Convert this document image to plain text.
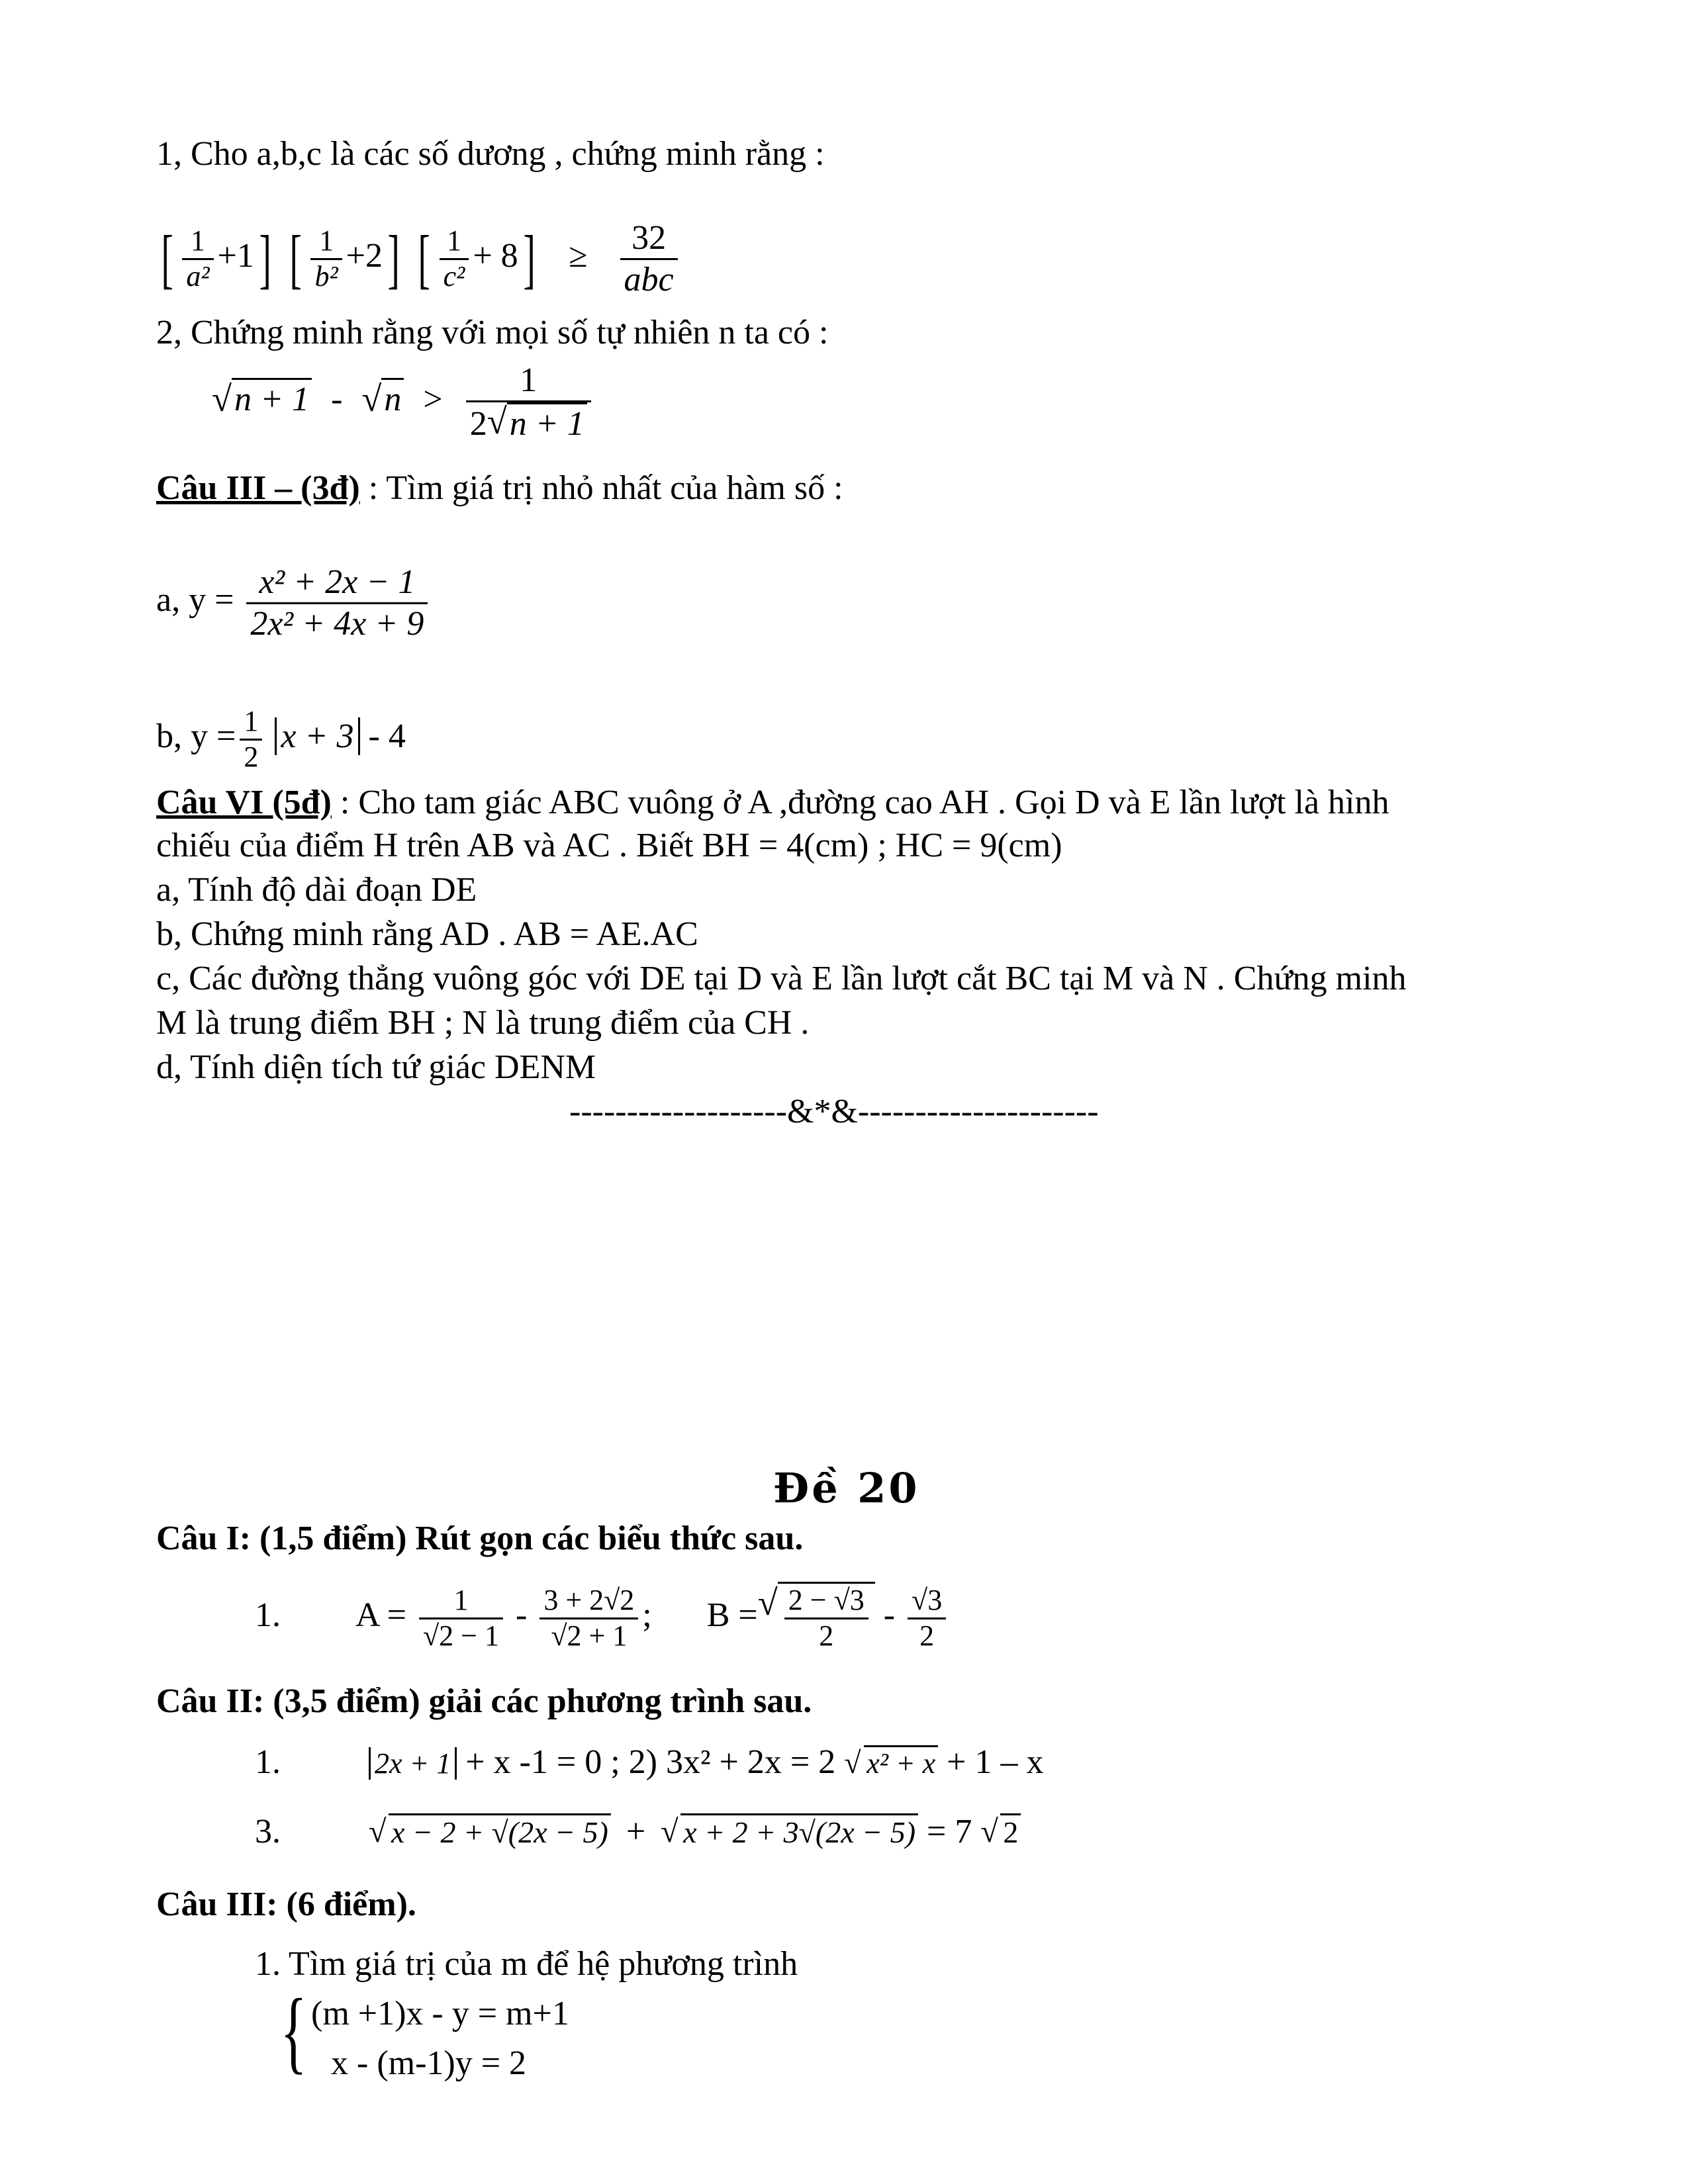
1, Cho a,b,c là các số dương , chứng minh rằng :
[ $\frac{1}{\text{a²}} +1$] [ $\frac{1}{\text{b²}} +2$] [ $\frac{1}{\text{c²}} + 8] \ge \frac{32}{\text{abc}}$
2, Chứng minh rằng với mọi số tự nhiên n ta có :
√ n + 1 - √ $n > \frac{1}{2 √ n + 1}$
Câu III – (3đ) : Tìm giá trị nhỏ nhất của hàm số :
a, $y = \frac{\text{x² + 2x − 1}}{\text{2x² + 4x + 9}}$
b, $y = \frac{1}{2}$ x + 3 - 4
Câu VI (5đ) : Cho tam giác ABC vuông ở A ,đường cao AH . Gọi D và E lần lượt là hình
chiếu của điểm H trên AB và AC . Biết BH = 4(cm) ; HC = 9(cm)
a, Tính độ dài đoạn DE
b, Chứng minh rằng AD . AB = AE.AC
c, Các đường thẳng vuông góc với DE tại D và E lần lượt cắt BC tại M và N . Chứng minh
M là trung điểm BH ; N là trung điểm của CH .
d, Tính diện tích tứ giác DENM
-------------------&*&---------------------
Đề 20
Câu I: (1,5 điểm) Rút gọn các biểu thức sau.
1. $A = \frac{1}{√2 - 1} - \frac{3 + 2√2}{√2 + 1}$ ; B = √ $\frac{2 - √3}{2} - \frac{√3}{2}$
Câu II: (3,5 điểm) giải các phương trình sau.
1.	2x + 1 + x -1 = 0 ; 2) 3x² + 2x = 2 √ x² + x + 1 – x
3.	√ x − 2 + √(2x − 5) + √ x + 2 + 3√(2x − 5) = 7 √ 2
Câu III: (6 điểm).
1. Tìm giá trị của m để hệ phương trình
{ (m +1)x - y = m+1
x - (m-1)y = 2
